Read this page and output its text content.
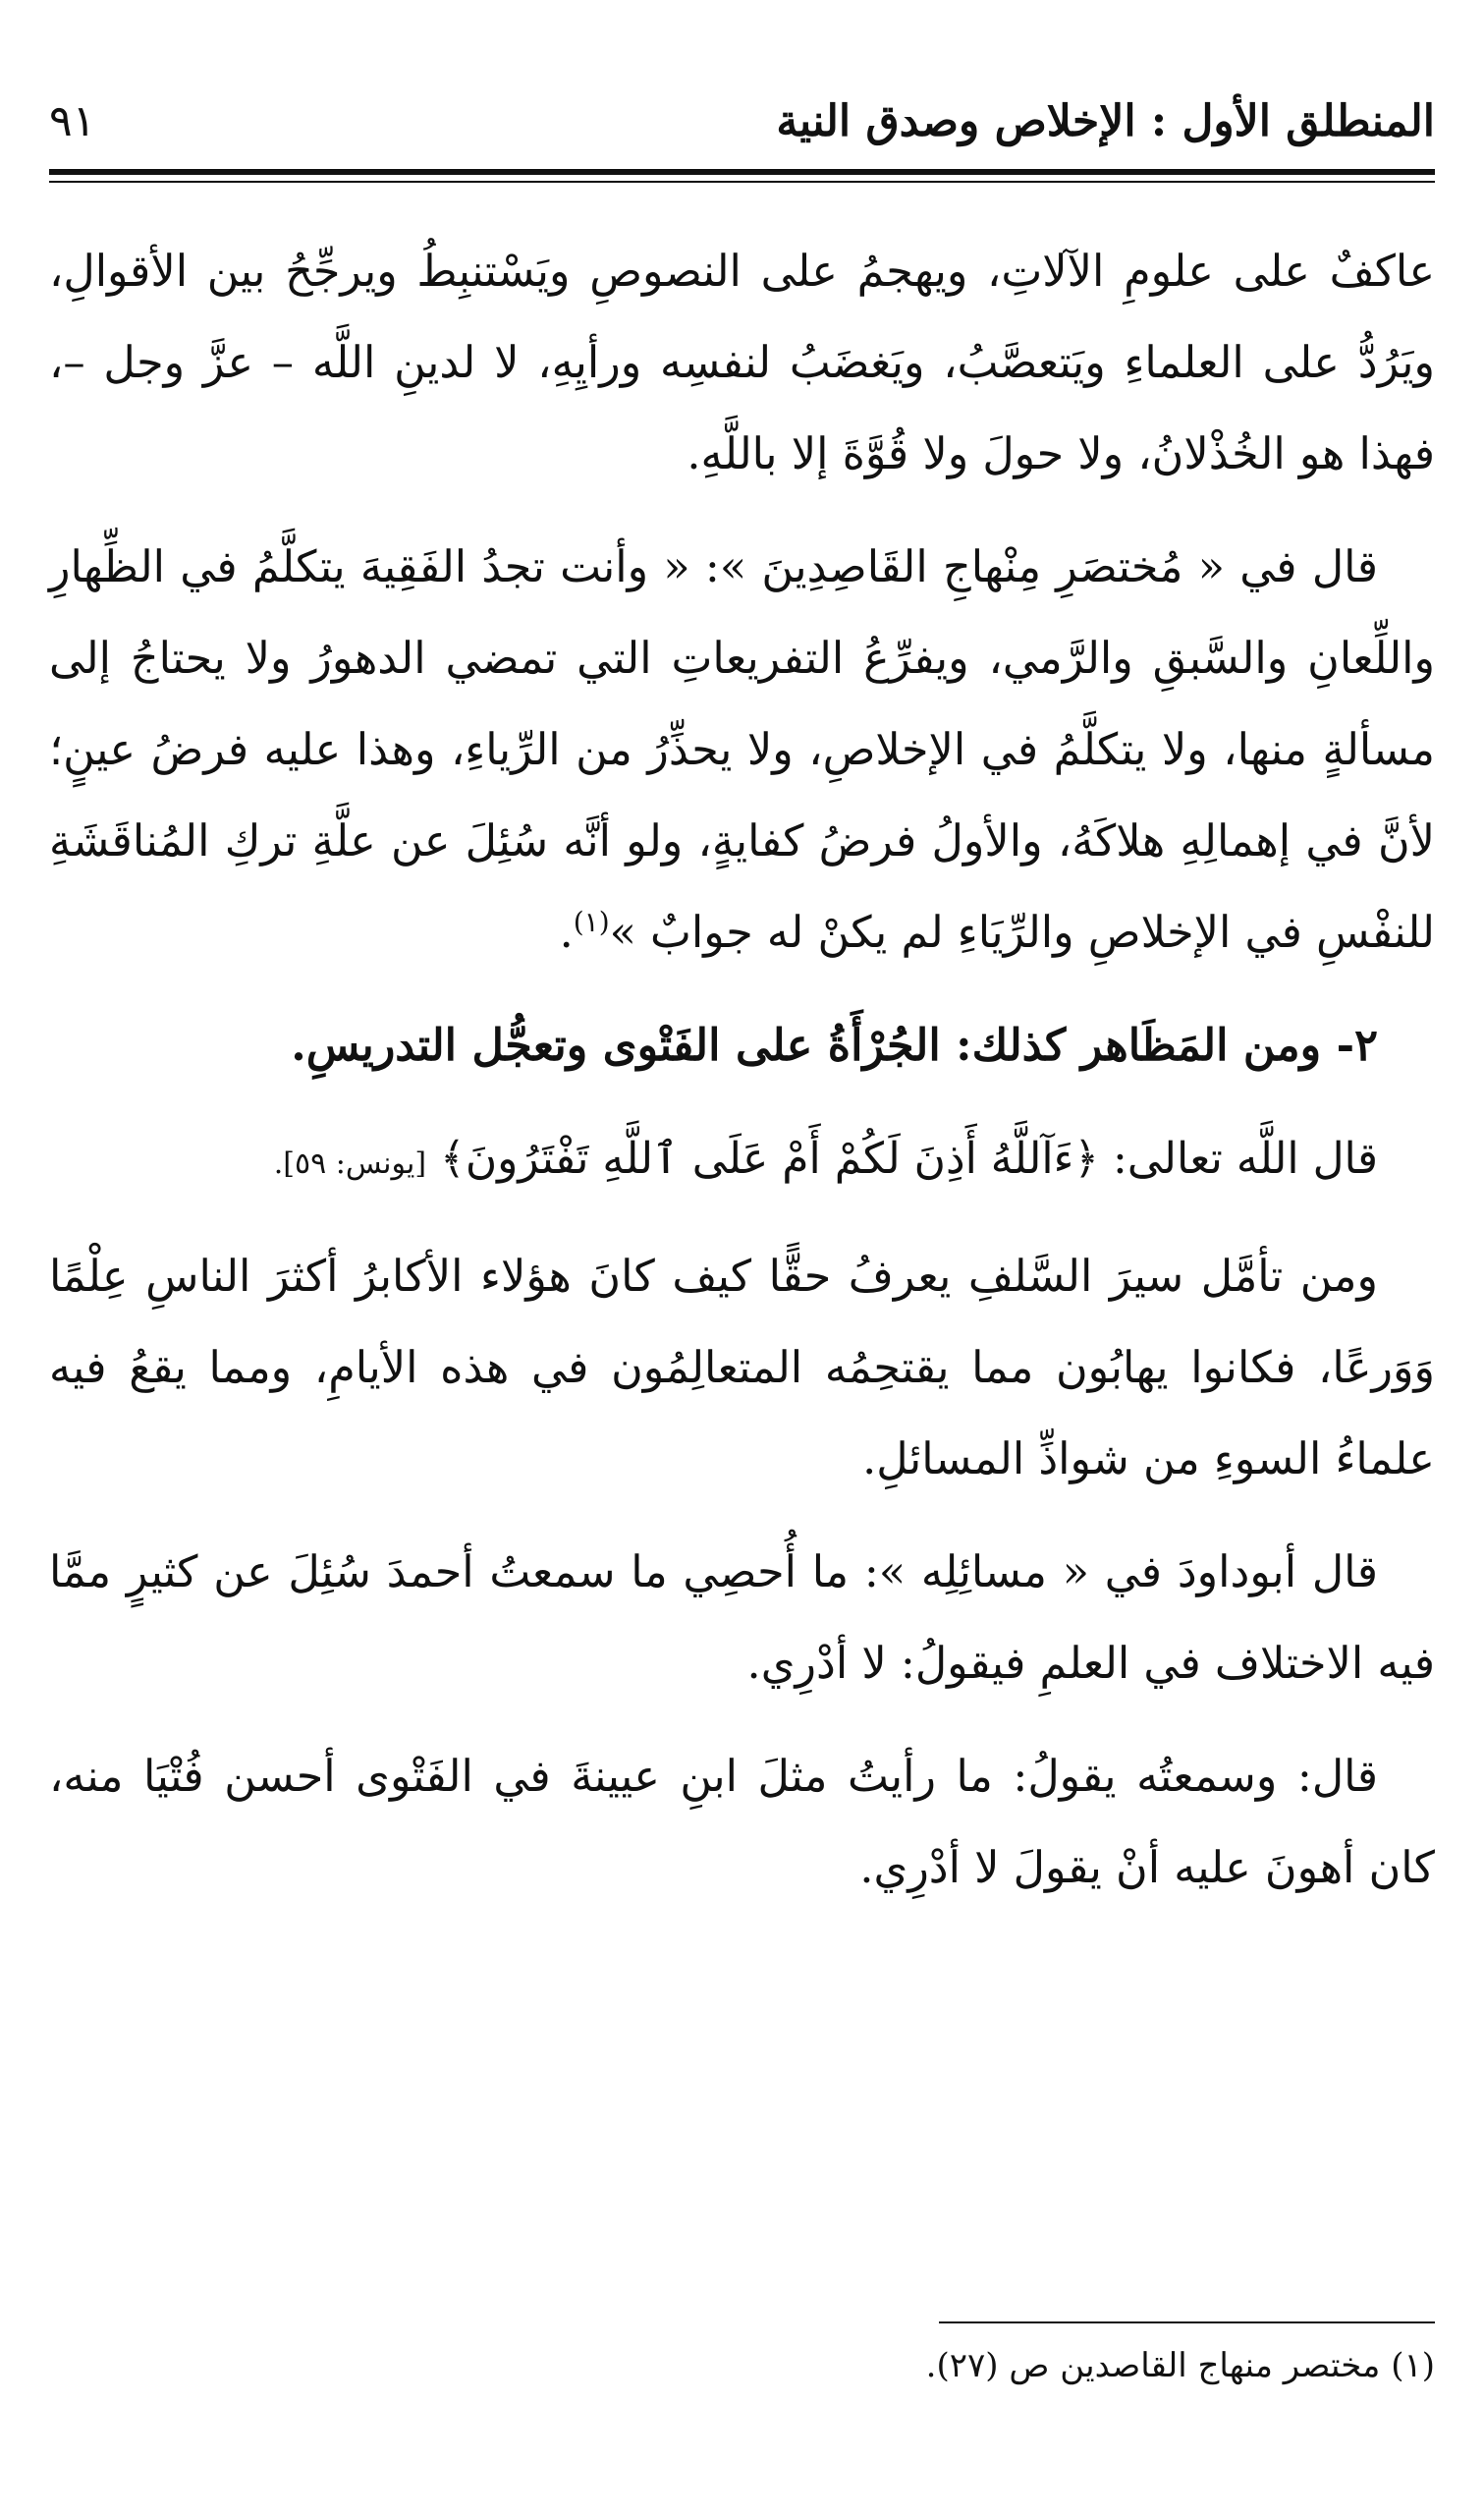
المنطلق الأول : الإخلاص وصدق النية
٩١

عاكفٌ على علومِ الآلاتِ، ويهجمُ على النصوصِ ويَسْتنبِطُ ويرجِّحُ بين الأقوالِ، ويَرُدُّ على العلماءِ ويَتعصَّبُ، ويَغضَبُ لنفسِه ورأيِهِ، لا لدينِ اللَّه – عزَّ وجل –، فهذا هو الخُذْلانُ، ولا حولَ ولا قُوَّةَ إلا باللَّهِ.

قال في « مُختصَرِ مِنْهاجِ القَاصِدِينَ »: « وأنت تجدُ الفَقِيهَ يتكلَّمُ في الظِّهارِ واللِّعانِ والسَّبقِ والرَّمي، ويفرِّعُ التفريعاتِ التي تمضي الدهورُ ولا يحتاجُ إلى مسألةٍ منها، ولا يتكلَّمُ في الإخلاصِ، ولا يحذِّرُ من الرِّياءِ، وهذا عليه فرضُ عينٍ؛ لأنَّ في إهمالِهِ هلاكَهُ، والأولُ فرضُ كفايةٍ، ولو أنَّه سُئِلَ عن علَّةِ تركِ المُناقَشَةِ للنفْسِ في الإخلاصِ والرِّيَاءِ لم يكنْ له جوابٌ »$^{(١)}$.

٢- ومن المَظَاهر كذلك: الجُرْأَةُ على الفَتْوى وتعجُّل التدريسِ.

قال اللَّه تعالى: ﴿ءَآللَّهُ أَذِنَ لَكُمْ أَمْ عَلَى ٱللَّهِ تَفْتَرُونَ﴾ [يونس: ٥٩].

ومن تأمَّل سيرَ السَّلفِ يعرفُ حقًّا كيف كانَ هؤلاء الأكابرُ أكثرَ الناسِ عِلْمًا وَوَرعًا، فكانوا يهابُون مما يقتحِمُه المتعالِمُون في هذه الأيامِ، ومما يقعُ فيه علماءُ السوءِ من شواذِّ المسائلِ.

قال أبوداودَ في « مسائِلِه »: ما أُحصِي ما سمعتُ أحمدَ سُئِلَ عن كثيرٍ ممَّا فيه الاختلاف في العلمِ فيقولُ: لا أدْرِي.

قال: وسمعتُه يقولُ: ما رأيتُ مثلَ ابنِ عيينةَ في الفَتْوى أحسن فُتْيَا منه، كان أهونَ عليه أنْ يقولَ لا أدْرِي.

(١) مختصر منهاج القاصدين ص (٢٧).
